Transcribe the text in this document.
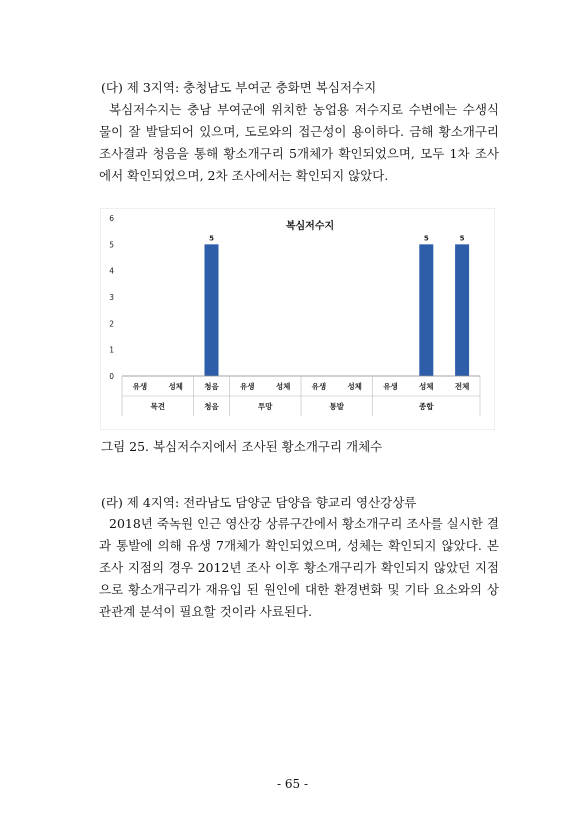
(다) 제 3지역: 충청남도 부여군 충화면 복심저수지

복심저수지는 충남 부여군에 위치한 농업용 저수지로 수변에는 수생식물이 잘 발달되어 있으며, 도로와의 접근성이 용이하다. 금해 황소개구리 조사결과 청음을 통해 황소개구리 5개체가 확인되었으며, 모두 1차 조사에서 확인되었으며, 2차 조사에서는 확인되지 않았다.

복심저수지
0
1
2
3
4
5
6
5	5	5
유생	성체	청음	유생	성체	유생	성체	유생	성체	전체
목견	청음	투망	통발	종합
그림 25. 복심저수지에서 조사된 황소개구리 개체수
(라) 제 4지역: 전라남도 담양군 담양읍 향교리 영산강상류

2018년 죽녹원 인근 영산강 상류구간에서 황소개구리 조사를 실시한 결과 통발에 의해 유생 7개체가 확인되었으며, 성체는 확인되지 않았다. 본 조사 지점의 경우 2012년 조사 이후 황소개구리가 확인되지 않았던 지점으로 황소개구리가 재유입 된 원인에 대한 환경변화 및 기타 요소와의 상관관계 분석이 필요할 것이라 사료된다.

- 65 -
